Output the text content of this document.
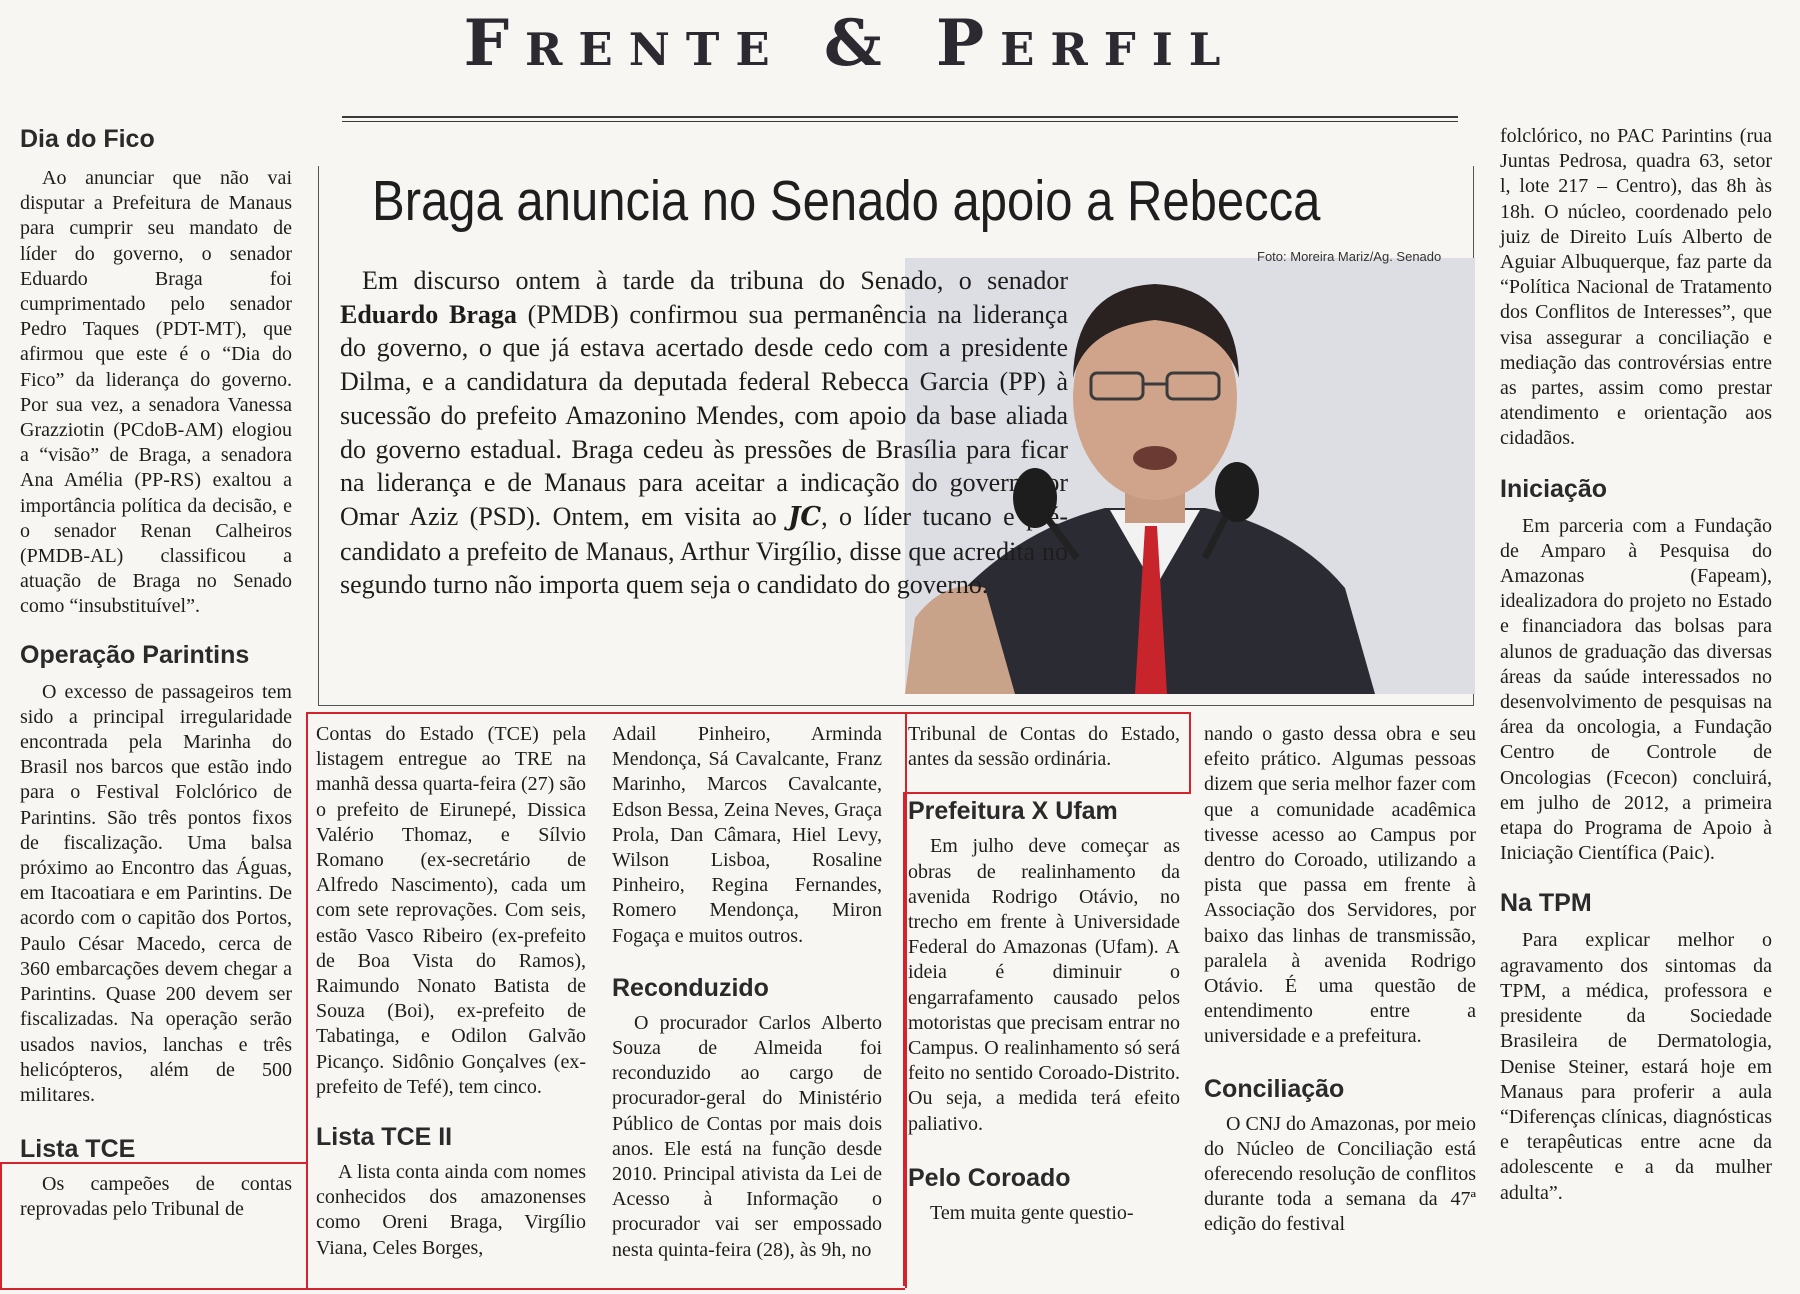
Frente & Perfil
Braga anuncia no Senado apoio a Rebecca
Foto: Moreira Mariz/Ag. Senado

Em discurso ontem à tarde da tribuna do Senado, o senador Eduardo Braga (PMDB) confirmou sua permanência na liderança do governo, o que já estava acertado desde cedo com a presidente Dilma, e a candidatura da deputada federal Rebecca Garcia (PP) à sucessão do prefeito Amazonino Mendes, com apoio da base aliada do governo estadual. Braga cedeu às pressões de Brasília para ficar na liderança e de Manaus para aceitar a indicação do governador Omar Aziz (PSD). Ontem, em visita ao JC, o líder tucano e pré-candidato a prefeito de Manaus, Arthur Virgílio, disse que acredita no segundo turno não importa quem seja o candidato do governo.

Dia do Fico

Ao anunciar que não vai disputar a Prefeitura de Manaus para cumprir seu mandato de líder do governo, o senador Eduardo Braga foi cumprimentado pelo senador Pedro Taques (PDT-MT), que afirmou que este é o “Dia do Fico” da liderança do governo. Por sua vez, a senadora Vanessa Grazziotin (PCdoB-AM) elogiou a “visão” de Braga, a senadora Ana Amélia (PP-RS) exaltou a importância política da decisão, e o senador Renan Calheiros (PMDB-AL) classificou a atuação de Braga no Senado como “insubstituível”.

Operação Parintins

O excesso de passageiros tem sido a principal irregularidade encontrada pela Marinha do Brasil nos barcos que estão indo para o Festival Folclórico de Parintins. São três pontos fixos de fiscalização. Uma balsa próximo ao Encontro das Águas, em Itacoatiara e em Parintins. De acordo com o capitão dos Portos, Paulo César Macedo, cerca de 360 embarcações devem chegar a Parintins. Quase 200 devem ser fiscalizadas. Na operação serão usados navios, lanchas e três helicópteros, além de 500 militares.

Lista TCE

Os campeões de contas reprovadas pelo Tribunal de

Contas do Estado (TCE) pela listagem entregue ao TRE na manhã dessa quarta-feira (27) são o prefeito de Eirunepé, Dissica Valério Thomaz, e Sílvio Romano (ex-secretário de Alfredo Nascimento), cada um com sete reprovações. Com seis, estão Vasco Ribeiro (ex-prefeito de Boa Vista do Ramos), Raimundo Nonato Batista de Souza (Boi), ex-prefeito de Tabatinga, e Odilon Galvão Picanço. Sidônio Gonçalves (ex-prefeito de Tefé), tem cinco.

Lista TCE II

A lista conta ainda com nomes conhecidos dos amazonenses como Oreni Braga, Virgílio Viana, Celes Borges,

Adail Pinheiro, Arminda Mendonça, Sá Cavalcante, Franz Marinho, Marcos Cavalcante, Edson Bessa, Zeina Neves, Graça Prola, Dan Câmara, Hiel Levy, Wilson Lisboa, Rosaline Pinheiro, Regina Fernandes, Romero Mendonça, Miron Fogaça e muitos outros.

Reconduzido

O procurador Carlos Alberto Souza de Almeida foi reconduzido ao cargo de procurador-geral do Ministério Público de Contas por mais dois anos. Ele está na função desde 2010. Principal ativista da Lei de Acesso à Informação o procurador vai ser empossado nesta quinta-feira (28), às 9h, no

Tribunal de Contas do Estado, antes da sessão ordinária.

Prefeitura X Ufam

Em julho deve começar as obras de realinhamento da avenida Rodrigo Otávio, no trecho em frente à Universidade Federal do Amazonas (Ufam). A ideia é diminuir o engarrafamento causado pelos motoristas que precisam entrar no Campus. O realinhamento só será feito no sentido Coroado-Distrito. Ou seja, a medida terá efeito paliativo.

Pelo Coroado

Tem muita gente questio-

nando o gasto dessa obra e seu efeito prático. Algumas pessoas dizem que seria melhor fazer com que a comunidade acadêmica tivesse acesso ao Campus por dentro do Coroado, utilizando a pista que passa em frente à Associação dos Servidores, por baixo das linhas de transmissão, paralela à avenida Rodrigo Otávio. É uma questão de entendimento entre a universidade e a prefeitura.

Conciliação

O CNJ do Amazonas, por meio do Núcleo de Conciliação está oferecendo resolução de conflitos durante toda a semana da 47ª edição do festival

folclórico, no PAC Parintins (rua Juntas Pedrosa, quadra 63, setor l, lote 217 – Centro), das 8h às 18h. O núcleo, coordenado pelo juiz de Direito Luís Alberto de Aguiar Albuquerque, faz parte da “Política Nacional de Tratamento dos Conflitos de Interesses”, que visa assegurar a conciliação e mediação das controvérsias entre as partes, assim como prestar atendimento e orientação aos cidadãos.

Iniciação

Em parceria com a Fundação de Amparo à Pesquisa do Amazonas (Fapeam), idealizadora do projeto no Estado e financiadora das bolsas para alunos de graduação das diversas áreas da saúde interessados no desenvolvimento de pesquisas na área da oncologia, a Fundação Centro de Controle de Oncologias (Fcecon) concluirá, em julho de 2012, a primeira etapa do Programa de Apoio à Iniciação Científica (Paic).

Na TPM

Para explicar melhor o agravamento dos sintomas da TPM, a médica, professora e presidente da Sociedade Brasileira de Dermatologia, Denise Steiner, estará hoje em Manaus para proferir a aula “Diferenças clínicas, diagnósticas e terapêuticas entre acne da adolescente e a da mulher adulta”.
